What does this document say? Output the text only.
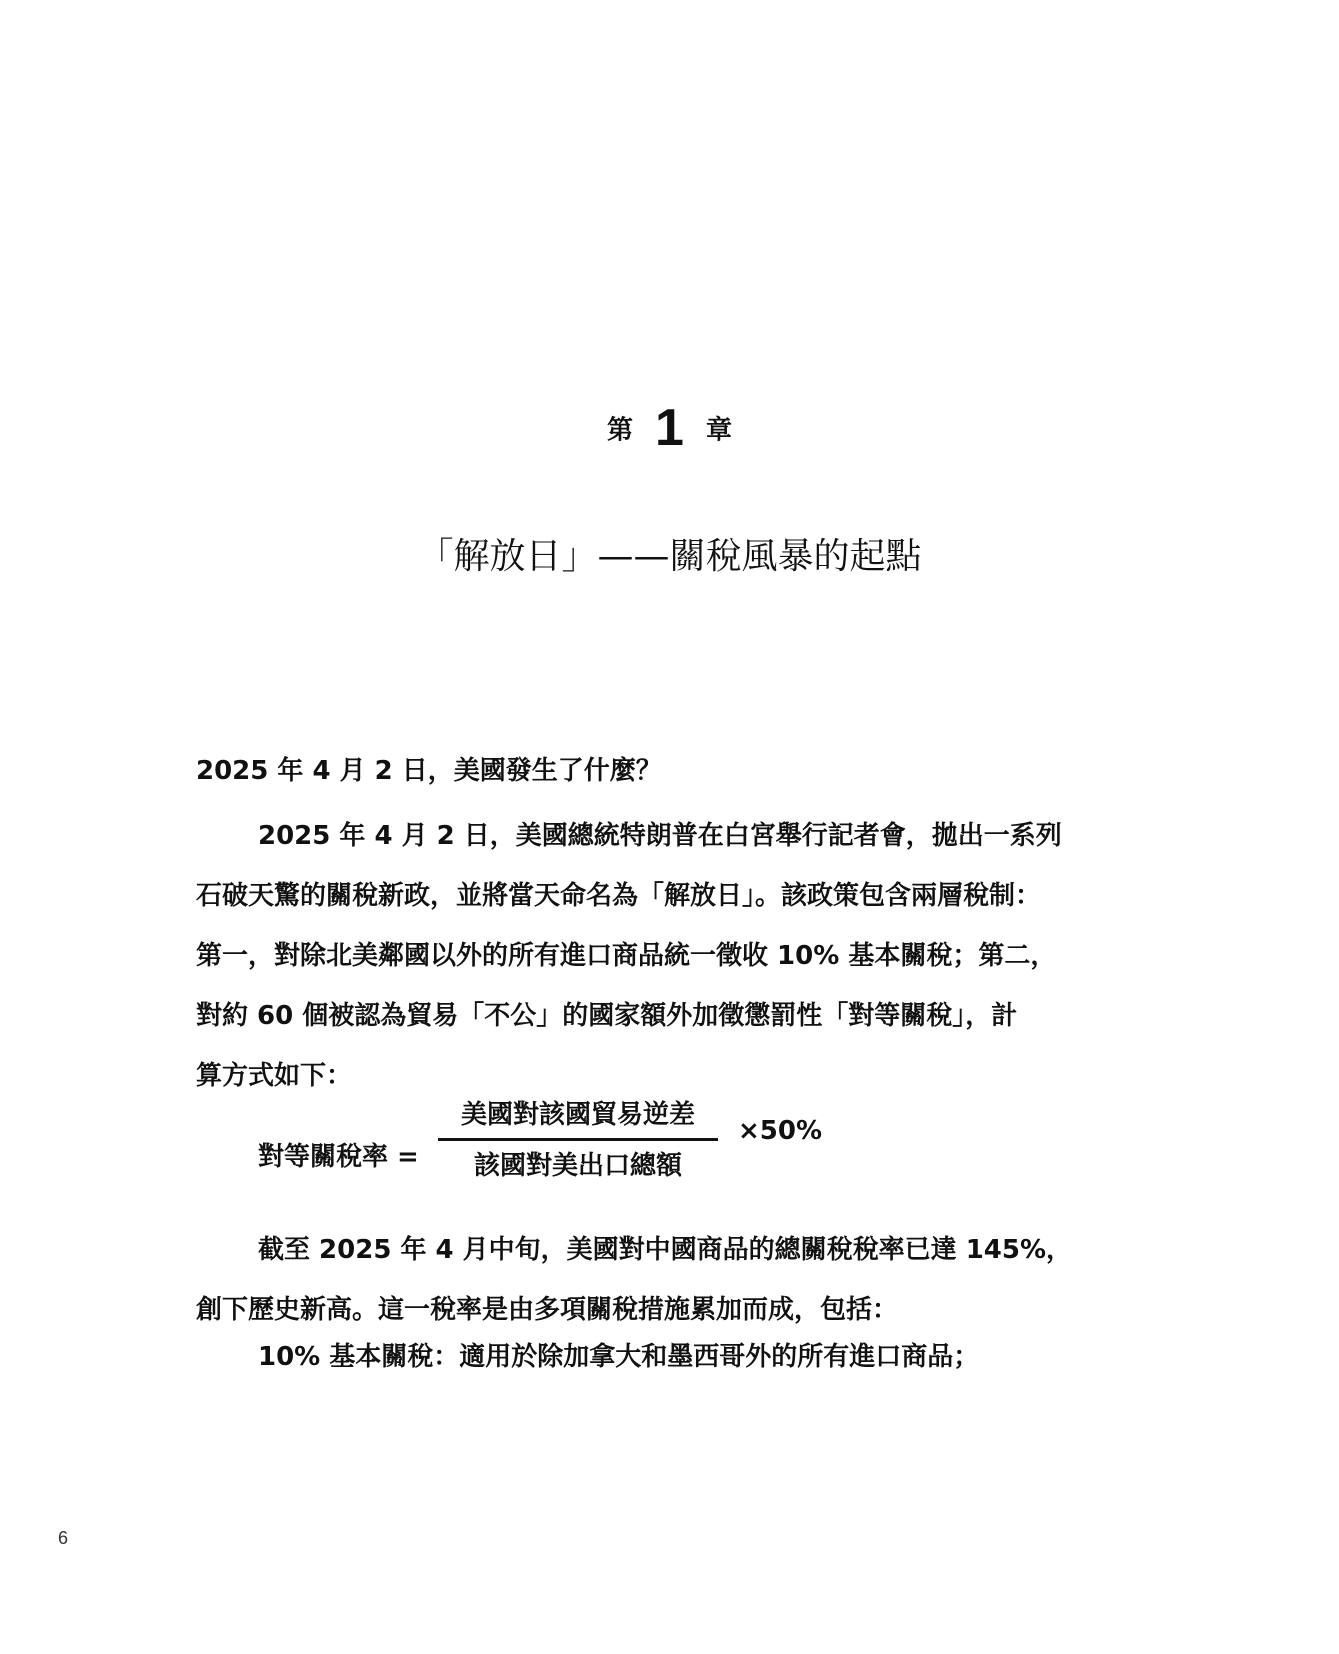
第 1 章
「解放日」——關稅風暴的起點
2025 年 4 月 2 日，美國發生了什麼？
2025 年 4 月 2 日，美國總統特朗普在白宮舉行記者會，拋出一系列
石破天驚的關稅新政，並將當天命名為「解放日」。該政策包含兩層稅制：
第一，對除北美鄰國以外的所有進口商品統一徵收 10% 基本關稅；第二，
對約 60 個被認為貿易「不公」的國家額外加徵懲罰性「對等關稅」，計
算方式如下：
對等關稅率 =
美國對該國貿易逆差
該國對美出口總額
×50%
截至 2025 年 4 月中旬，美國對中國商品的總關稅稅率已達 145%，
創下歷史新高。這一稅率是由多項關稅措施累加而成，包括：
10% 基本關稅：適用於除加拿大和墨西哥外的所有進口商品；
6
